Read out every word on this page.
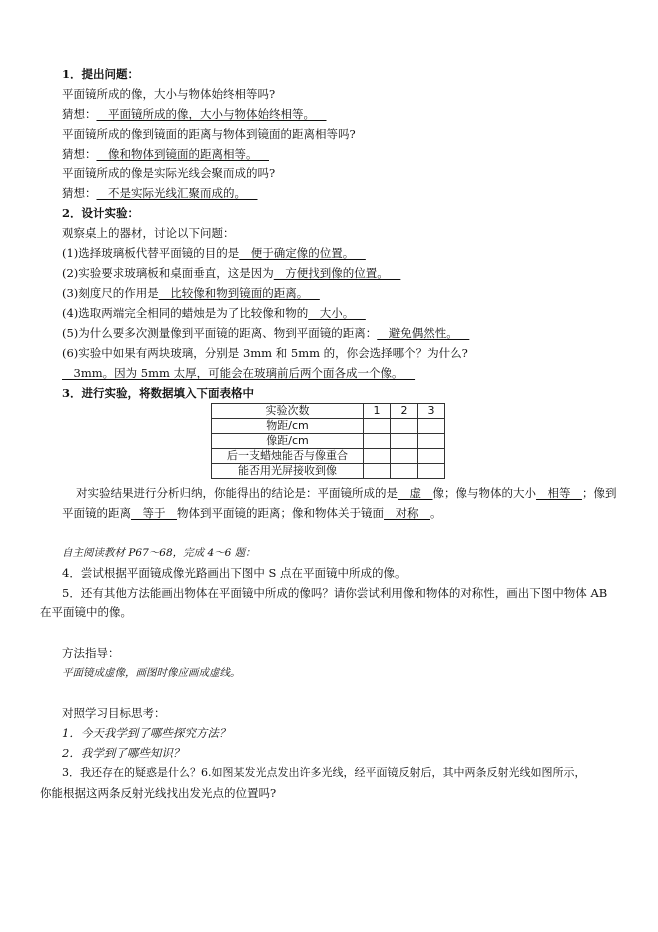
1．提出问题：
平面镜所成的像，大小与物体始终相等吗?
猜想：__平面镜所成的像，大小与物体始终相等。__
平面镜所成的像到镜面的距离与物体到镜面的距离相等吗?
猜想：__像和物体到镜面的距离相等。__
平面镜所成的像是实际光线会聚而成的吗?
猜想：__不是实际光线汇聚而成的。__
2．设计实验：
观察桌上的器材，讨论以下问题：
(1)选择玻璃板代替平面镜的目的是__便于确定像的位置。__
(2)实验要求玻璃板和桌面垂直，这是因为__方便找到像的位置。__
(3)刻度尺的作用是__比较像和物到镜面的距离。__
(4)选取两端完全相同的蜡烛是为了比较像和物的__大小。__
(5)为什么要多次测量像到平面镜的距离、物到平面镜的距离：__避免偶然性。__
(6)实验中如果有两块玻璃，分别是 3mm 和 5mm 的，你会选择哪个？为什么?
__3mm。因为 5mm 太厚，可能会在玻璃前后两个面各成一个像。__
3．进行实验，将数据填入下面表格中
实验次数	1	2	3
物距/cm			
像距/cm			
后一支蜡烛能否与像重合			
能否用光屏接收到像			
对实验结果进行分析归纳，你能得出的结论是：平面镜所成的是__虚__像；像与物体的大小__相等__；像到
平面镜的距离__等于__物体到平面镜的距离；像和物体关于镜面__对称__。
自主阅读教材 P67～68，完成 4～6 题：
4．尝试根据平面镜成像光路画出下图中 S 点在平面镜中所成的像。
5．还有其他方法能画出物体在平面镜中所成的像吗？请你尝试利用像和物体的对称性，画出下图中物体 AB
在平面镜中的像。
方法指导：
平面镜成虚像，画图时像应画成虚线。
对照学习目标思考：
1．今天我学到了哪些探究方法？
2．我学到了哪些知识？
3．我还存在的疑惑是什么？6.如图某发光点发出许多光线，经平面镜反射后，其中两条反射光线如图所示，
你能根据这两条反射光线找出发光点的位置吗?
